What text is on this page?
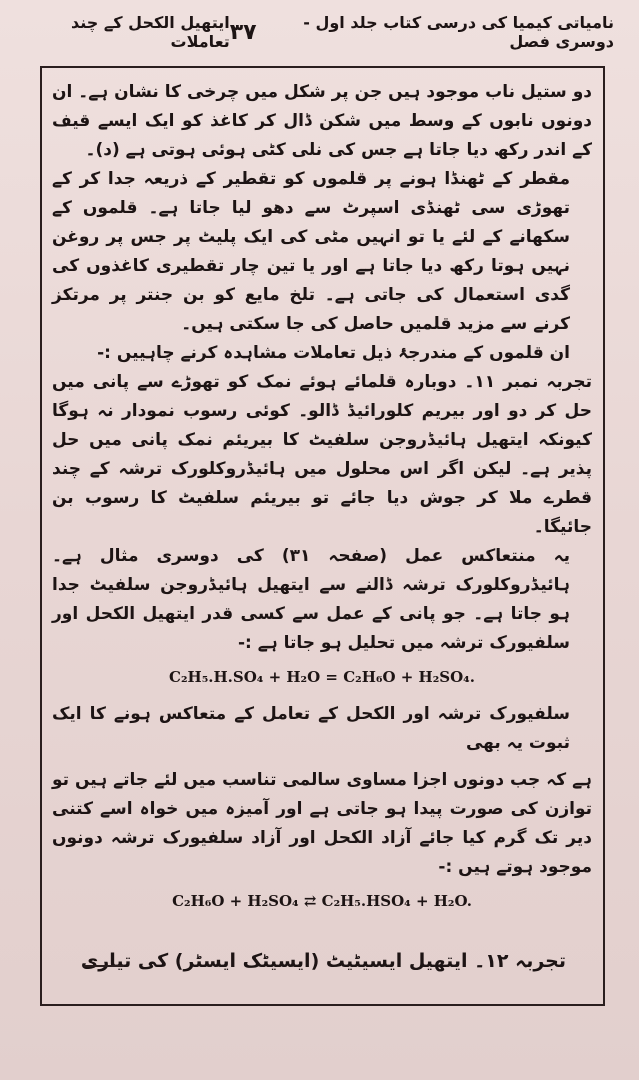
نامیاتی کیمیا کی درسی کتاب جلد اول - دوسری فصل
۳۷
ایتھیل الکحل کے چند تعاملات

دو ستیل ناب موجود ہیں جن پر شکل میں چرخی کا نشان ہے۔ ان دونوں نابوں کے وسط میں شکن ڈال کر کاغذ کو ایک ایسے قیف کے اندر رکھ دیا جاتا ہے جس کی نلی کٹی ہوئی ہوتی ہے (د)۔

مقطر کے ٹھنڈا ہونے پر قلموں کو تقطیر کے ذریعہ جدا کر کے تھوڑی سی ٹھنڈی اسپرٹ سے دھو لیا جاتا ہے۔ قلموں کے سکھانے کے لئے یا تو انہیں مٹی کی ایک پلیٹ پر جس پر روغن نہیں ہوتا رکھ دیا جاتا ہے اور یا تین چار تقطیری کاغذوں کی گدی استعمال کی جاتی ہے۔ تلخ مایع کو بن جنتر پر مرتکز کرنے سے مزید قلمیں حاصل کی جا سکتی ہیں۔

ان قلموں کے مندرجۂ ذیل تعاملات مشاہدہ کرنے چاہییں :-

تجربہ نمبر ۱۱۔ دوبارہ قلمائے ہوئے نمک کو تھوڑے سے پانی میں حل کر دو اور بیریم کلورائیڈ ڈالو۔ کوئی رسوب نمودار نہ ہوگا کیونکہ ایتھیل ہائیڈروجن سلفیٹ کا بیریئم نمک پانی میں حل پذیر ہے۔ لیکن اگر اس محلول میں ہائیڈروکلورک ترشہ کے چند قطرے ملا کر جوش دیا جائے تو بیریئم سلفیٹ کا رسوب بن جائیگا۔

یہ منتعاکس عمل (صفحہ ۳۱) کی دوسری مثال ہے۔ ہائیڈروکلورک ترشہ ڈالنے سے ایتھیل ہائیڈروجن سلفیٹ جدا ہو جاتا ہے۔ جو پانی کے عمل سے کسی قدر ایتھیل الکحل اور سلفیورک ترشہ میں تحلیل ہو جاتا ہے :-

C₂H₅.H.SO₄ + H₂O = C₂H₆O + H₂SO₄.

سلفیورک ترشہ اور الکحل کے تعامل کے متعاکس ہونے کا ایک ثبوت یہ بھی

ہے کہ جب دونوں اجزا مساوی سالمی تناسب میں لئے جاتے ہیں تو توازن کی صورت پیدا ہو جاتی ہے اور آمیزہ میں خواہ اسے کتنی دیر تک گرم کیا جائے آزاد الکحل اور آزاد سلفیورک ترشہ دونوں موجود ہوتے ہیں :-

C₂H₆O + H₂SO₄ ⇄ C₂H₅.HSO₄ + H₂O.
تجربہ ۱۲۔ ایتھیل ایسیٹیٹ (ایسیٹک ایسٹر) کی تیاری
